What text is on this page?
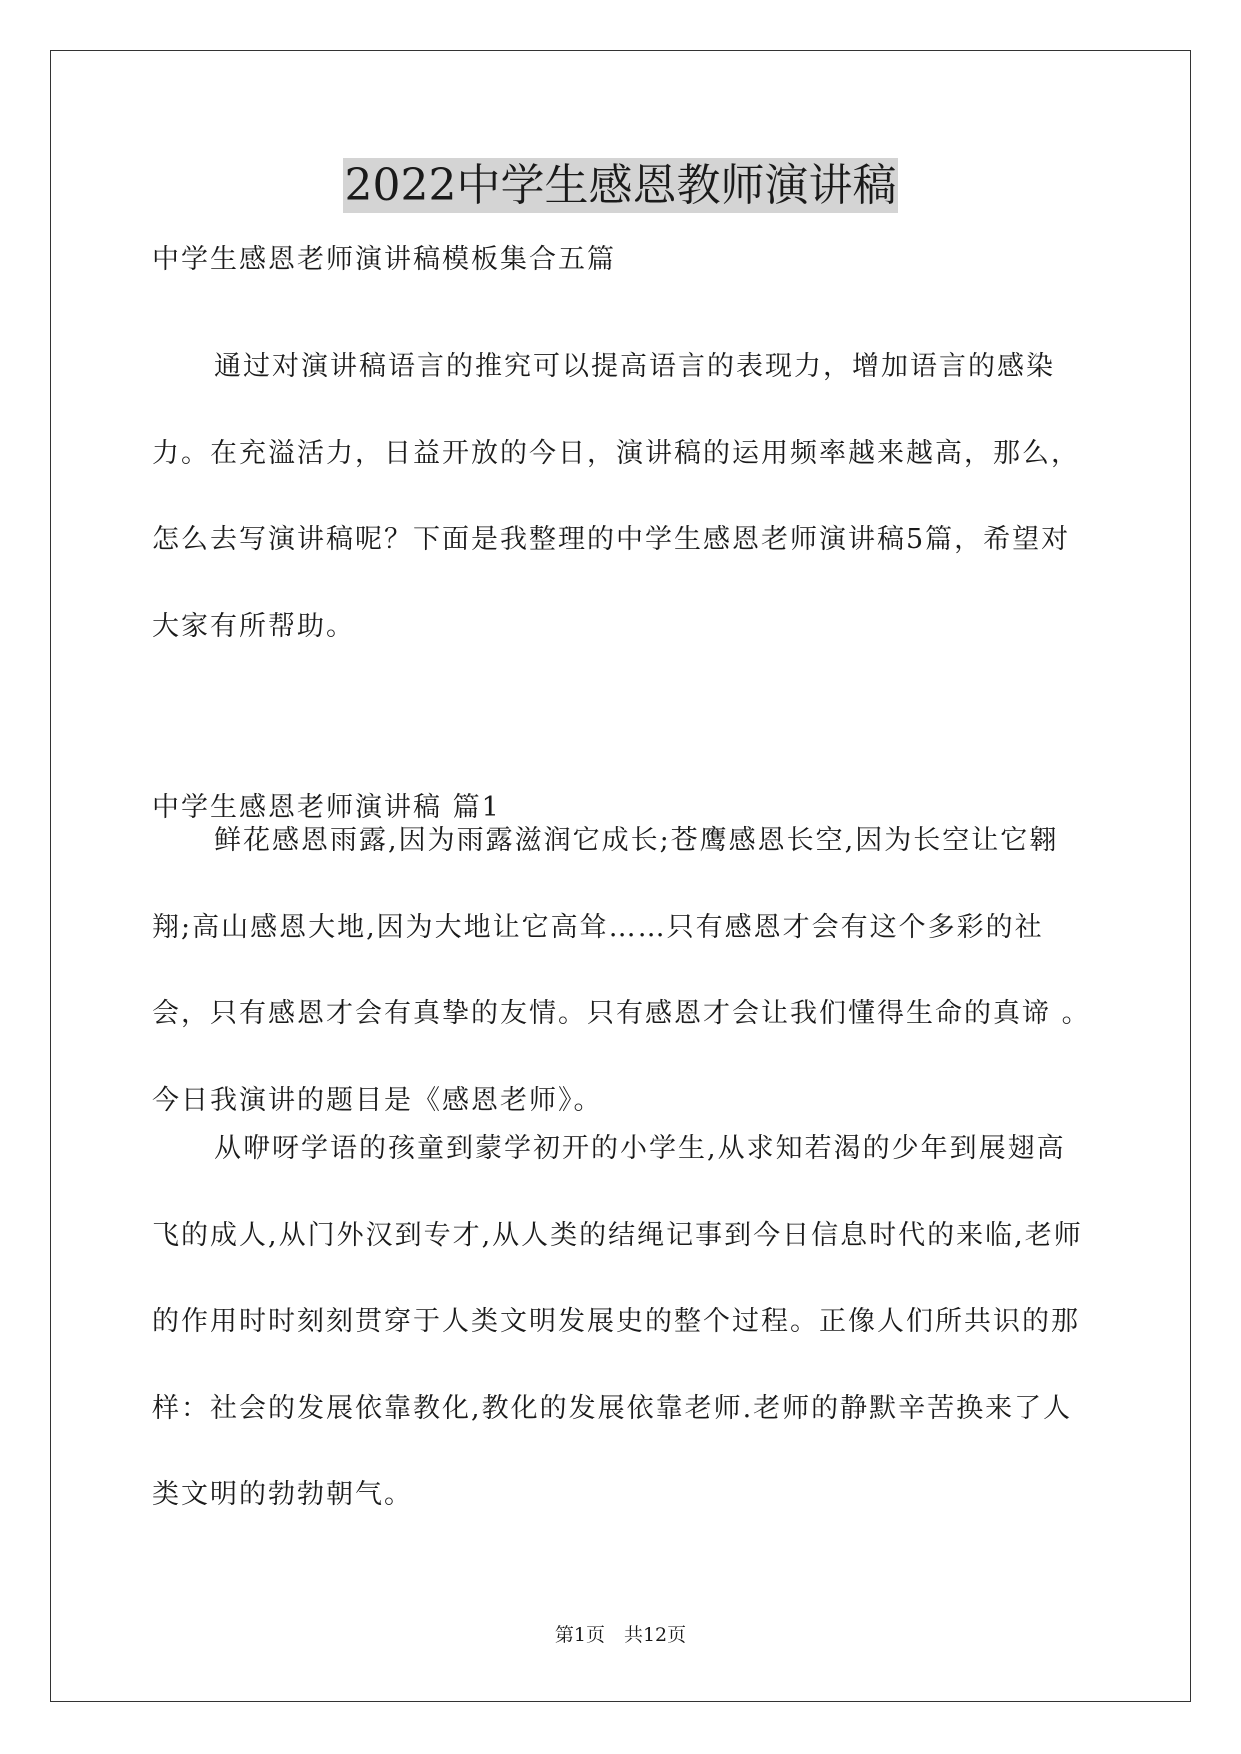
2022中学生感恩教师演讲稿
中学生感恩老师演讲稿模板集合五篇
通过对演讲稿语言的推究可以提高语言的表现力，增加语言的感染力。在充溢活力，日益开放的今日，演讲稿的运用频率越来越高，那么，怎么去写演讲稿呢？下面是我整理的中学生感恩老师演讲稿5篇，希望对大家有所帮助。
中学生感恩老师演讲稿 篇1
鲜花感恩雨露,因为雨露滋润它成长;苍鹰感恩长空,因为长空让它翱翔;高山感恩大地,因为大地让它高耸……只有感恩才会有这个多彩的社会，只有感恩才会有真挚的友情。只有感恩才会让我们懂得生命的真谛 。今日我演讲的题目是《感恩老师》。
从咿呀学语的孩童到蒙学初开的小学生,从求知若渴的少年到展翅高飞的成人,从门外汉到专才,从人类的结绳记事到今日信息时代的来临,老师的作用时时刻刻贯穿于人类文明发展史的整个过程。正像人们所共识的那样：社会的发展依靠教化,教化的发展依靠老师.老师的静默辛苦换来了人类文明的勃勃朝气。
第1页　共12页
